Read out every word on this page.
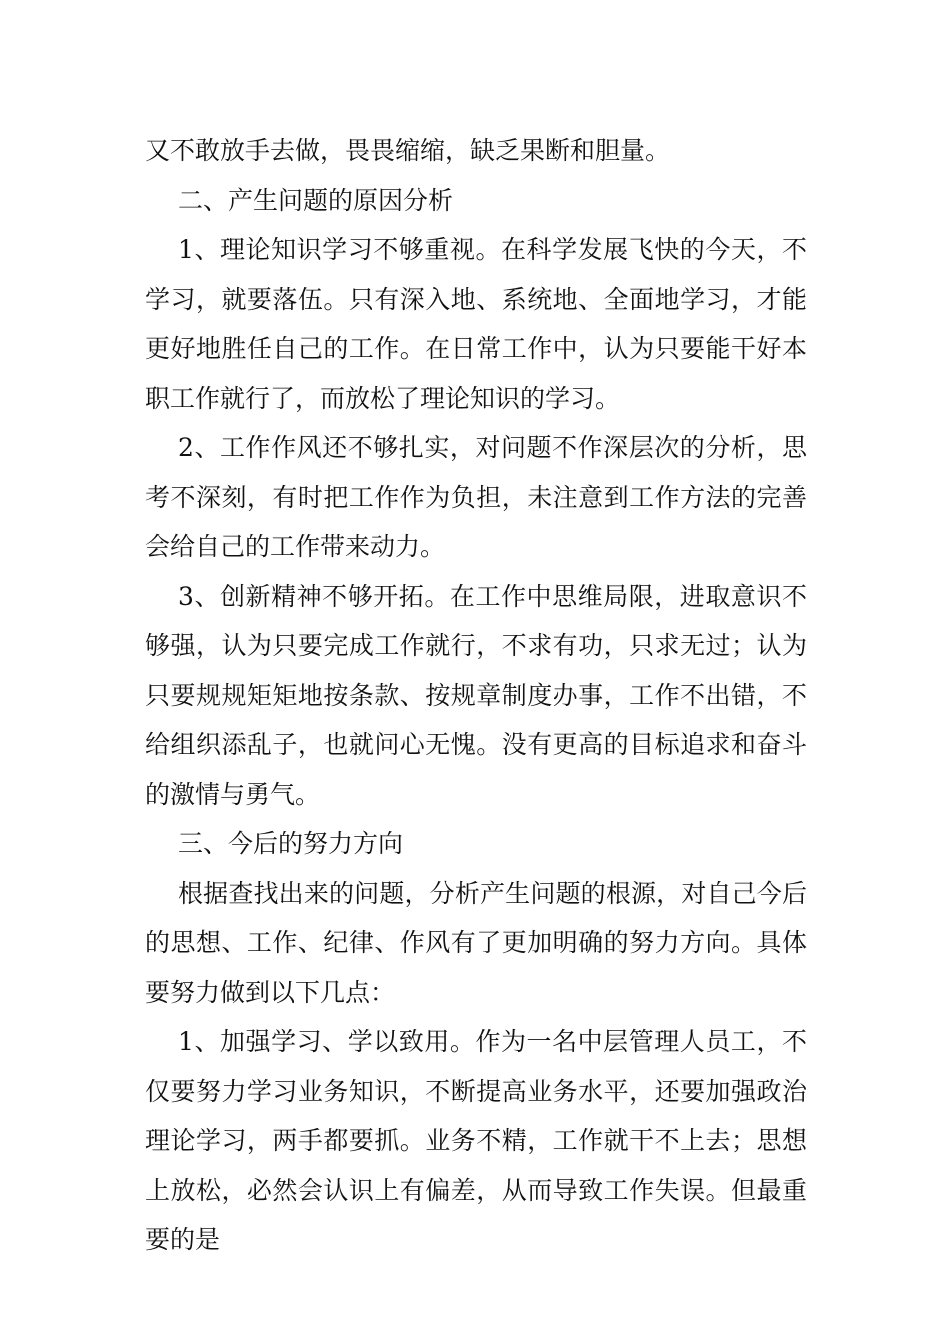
又不敢放手去做，畏畏缩缩，缺乏果断和胆量。

二、产生问题的原因分析

1、理论知识学习不够重视。在科学发展飞快的今天，不学习，就要落伍。只有深入地、系统地、全面地学习，才能更好地胜任自己的工作。在日常工作中，认为只要能干好本职工作就行了，而放松了理论知识的学习。

2、工作作风还不够扎实，对问题不作深层次的分析，思考不深刻，有时把工作作为负担，未注意到工作方法的完善会给自己的工作带来动力。

3、创新精神不够开拓。在工作中思维局限，进取意识不够强，认为只要完成工作就行，不求有功，只求无过；认为只要规规矩矩地按条款、按规章制度办事，工作不出错，不给组织添乱子，也就问心无愧。没有更高的目标追求和奋斗的激情与勇气。

三、今后的努力方向

根据查找出来的问题，分析产生问题的根源，对自己今后的思想、工作、纪律、作风有了更加明确的努力方向。具体要努力做到以下几点：

1、加强学习、学以致用。作为一名中层管理人员工，不仅要努力学习业务知识，不断提高业务水平，还要加强政治理论学习，两手都要抓。业务不精，工作就干不上去；思想上放松，必然会认识上有偏差，从而导致工作失误。但最重要的是
